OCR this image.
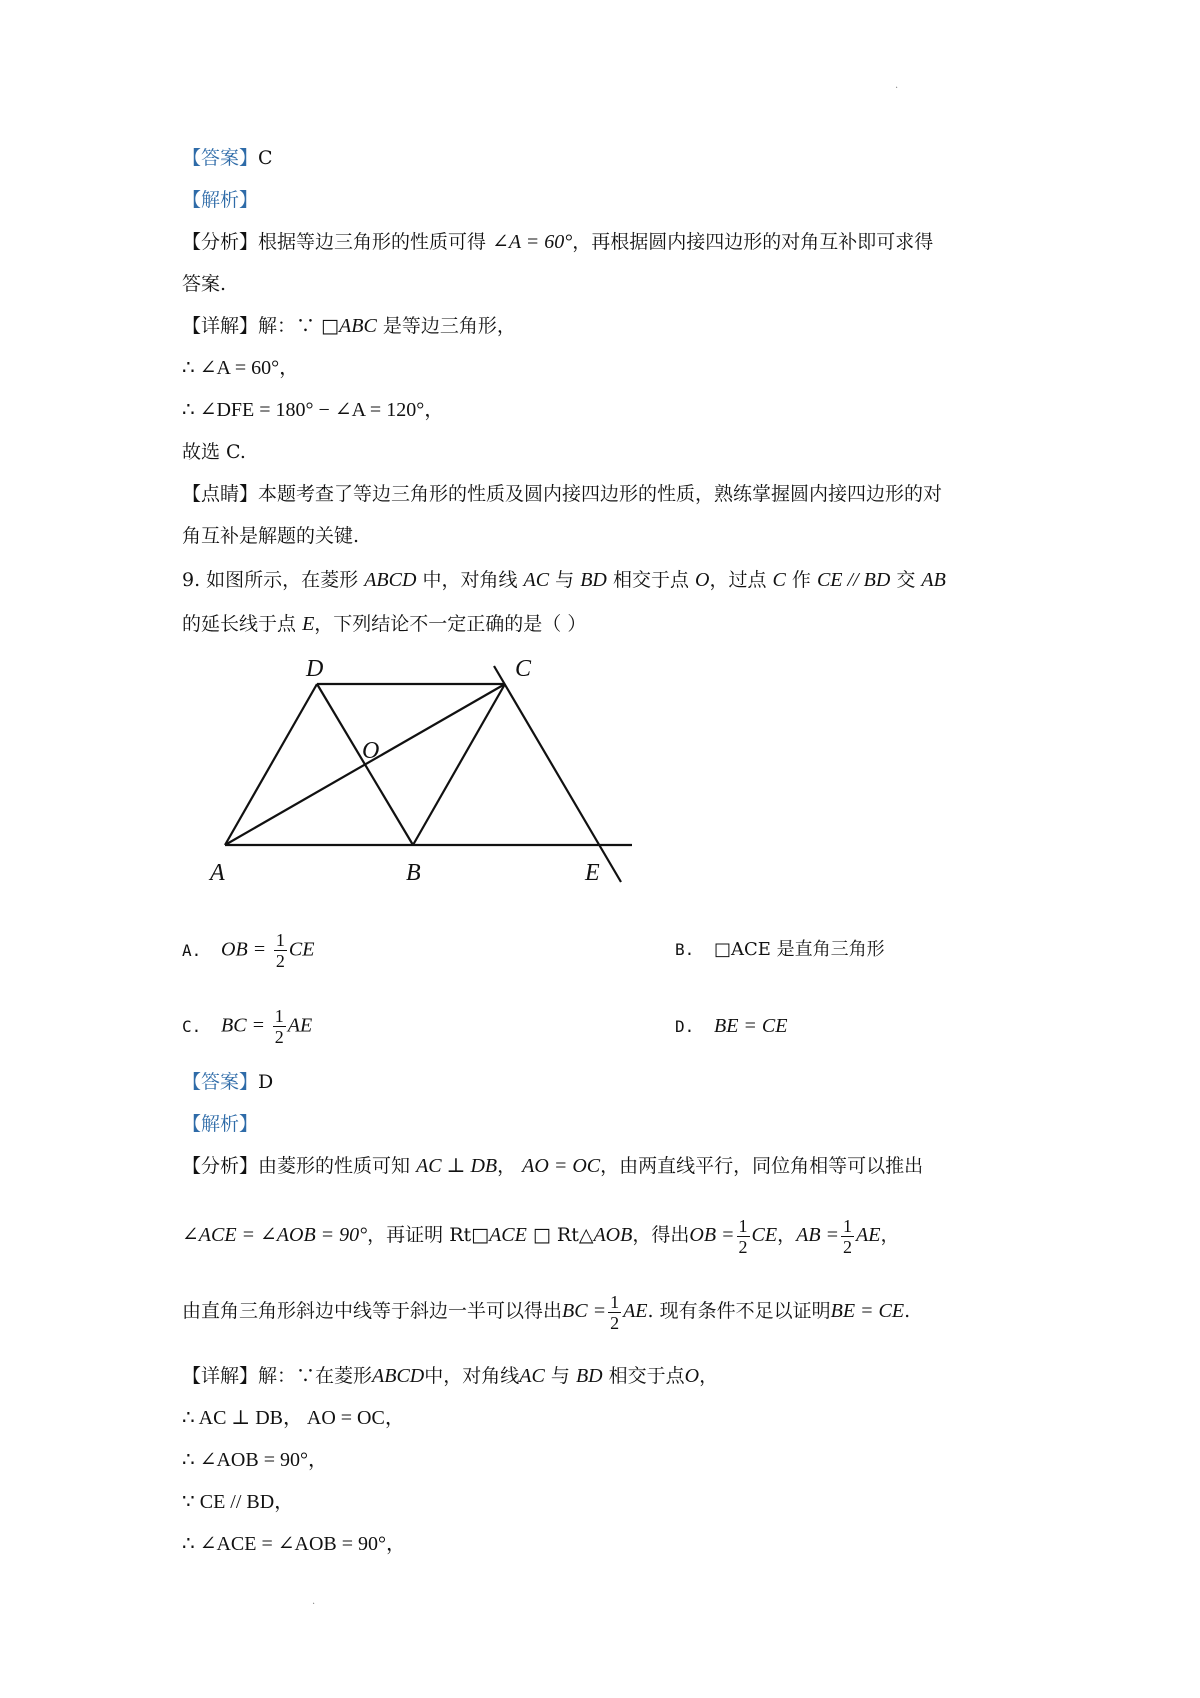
.
【答案】C
【解析】
【分析】根据等边三角形的性质可得 ∠A = 60°，再根据圆内接四边形的对角互补即可求得
答案.
【详解】解：∵ □ABC 是等边三角形，
∴ ∠A = 60°，
∴ ∠DFE = 180° − ∠A = 120°，
故选 C.
【点睛】本题考查了等边三角形的性质及圆内接四边形的性质，熟练掌握圆内接四边形的对
角互补是解题的关键.
9. 如图所示，在菱形 ABCD 中，对角线 AC 与 BD 相交于点 O，过点 C 作 CE // BD 交 AB
的延长线于点 E，下列结论不一定正确的是（ ）
D	C
O
A	B	E
A. OB = $\frac{1}{2}$ CE	B. □ACE 是直角三角形
C. BC = $\frac{1}{2}$ AE	D. BE = CE
【答案】D
【解析】
【分析】由菱形的性质可知 AC ⊥ DB， AO = OC，由两直线平行，同位角相等可以推出
∠ACE = ∠AOB = 90°，再证明 Rt□ACE □ Rt△AOB，得出OB = $\frac{1}{2}$ CE，AB = $\frac{1}{2}$ AE，
由直角三角形斜边中线等于斜边一半可以得出BC = $\frac{1}{2}$ AE. 现有条件不足以证明BE = CE.
【详解】解：∵在菱形ABCD中，对角线AC 与 BD 相交于点O，
∴ AC ⊥ DB， AO = OC，
∴ ∠AOB = 90°，
∵ CE // BD，
∴ ∠ACE = ∠AOB = 90°，
.
